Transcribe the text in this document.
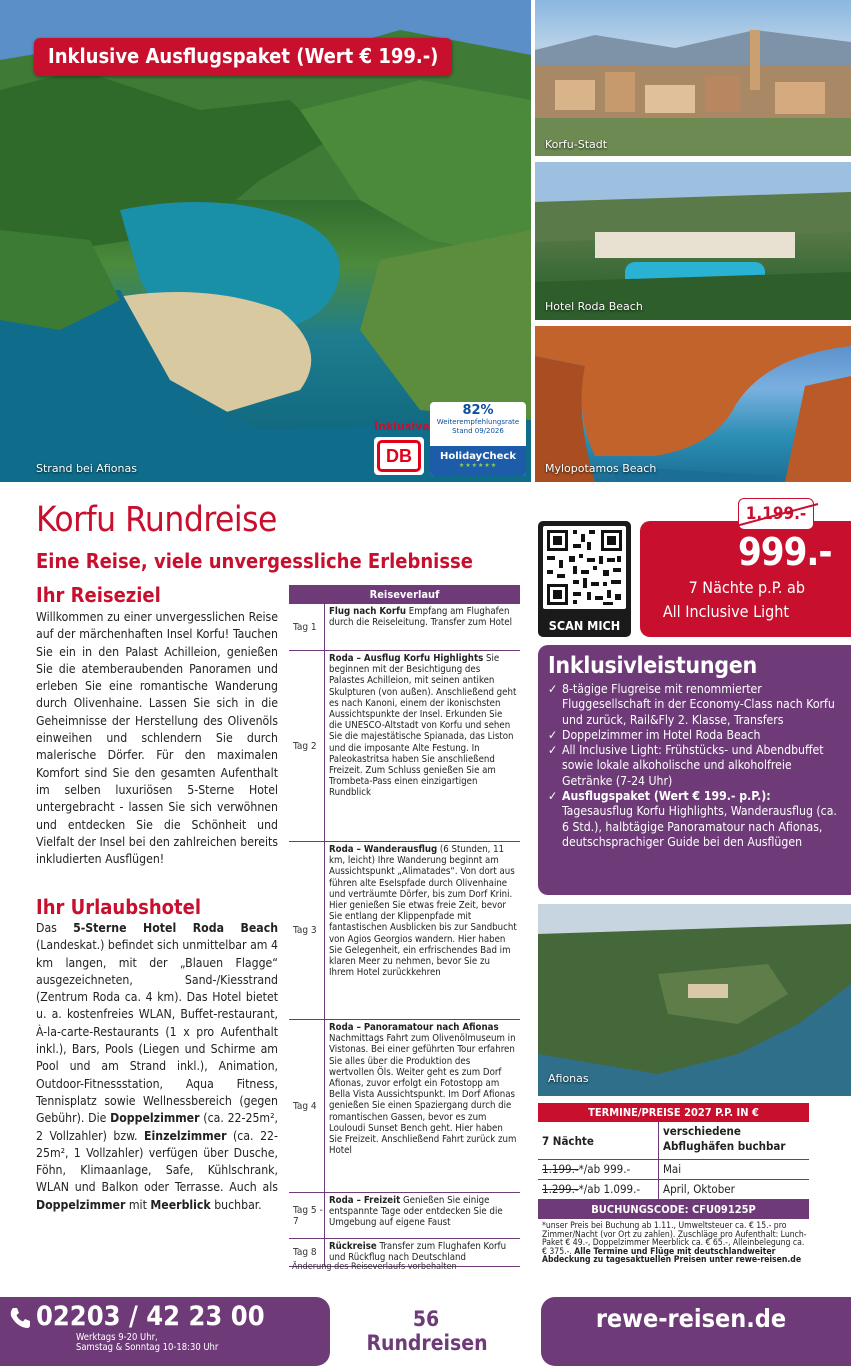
Inklusive Ausflugspaket (Wert € 199.-)
Strand bei Afionas
Inklusive
DB
82%
Weiterempfehlungsrate
Stand 09/2026
HolidayCheck
★★★★★★
Korfu-Stadt
Hotel Roda Beach
Mylopotamos Beach
Korfu Rundreise
Eine Reise, viele unvergessliche Erlebnisse
Ihr Reiseziel
Willkommen zu einer unvergesslichen Reise auf der märchenhaften Insel Korfu! Tauchen Sie ein in den Palast Achilleion, genießen Sie die atemberaubenden Panoramen und erleben Sie eine romantische Wanderung durch Olivenhaine. Lassen Sie sich in die Geheimnisse der Herstellung des Olivenöls einweihen und schlendern Sie durch malerische Dörfer. Für den maximalen Komfort sind Sie den gesamten Aufenthalt im selben luxuriösen 5-Sterne Hotel untergebracht - lassen Sie sich verwöhnen und entdecken Sie die Schönheit und Vielfalt der Insel bei den zahlreichen bereits inkludierten Ausflügen!
Ihr Urlaubshotel
Das 5-Sterne Hotel Roda Beach (Landeskat.) befindet sich unmittelbar am 4 km langen, mit der „Blauen Flagge“ ausgezeichneten, Sand-/Kiesstrand (Zentrum Roda ca. 4 km). Das Hotel bietet u. a. kostenfreies WLAN, Buffet-restaurant, À-la-carte-Restaurants (1 x pro Aufenthalt inkl.), Bars, Pools (Liegen und Schirme am Pool und am Strand inkl.), Animation, Outdoor-Fitnessstation, Aqua Fitness, Tennisplatz sowie Wellnessbereich (gegen Gebühr). Die Doppelzimmer (ca. 22-25m², 2 Vollzahler) bzw. Einzelzimmer (ca. 22-25m², 1 Vollzahler) verfügen über Dusche, Föhn, Klimaanlage, Safe, Kühlschrank, WLAN und Balkon oder Terrasse. Auch als Doppelzimmer mit Meerblick buchbar.
Reiseverlauf
Tag 1
Flug nach Korfu Empfang am Flughafen durch die Reiseleitung. Transfer zum Hotel
Tag 2
Roda – Ausflug Korfu Highlights Sie beginnen mit der Besichtigung des Palastes Achilleion, mit seinen antiken Skulpturen (von außen). Anschließend geht es nach Kanoni, einem der ikonischsten Aussichtspunkte der Insel. Erkunden Sie die UNESCO-Altstadt von Korfu und sehen Sie die majestätische Spianada, das Liston und die imposante Alte Festung. In Paleokastritsa haben Sie anschließend Freizeit. Zum Schluss genießen Sie am Trombeta-Pass einen einzigartigen Rundblick
Tag 3
Roda – Wanderausflug (6 Stunden, 11 km, leicht) Ihre Wanderung beginnt am Aussichtspunkt „Alimatades“. Von dort aus führen alte Eselspfade durch Olivenhaine und verträumte Dörfer, bis zum Dorf Krini. Hier genießen Sie etwas freie Zeit, bevor Sie entlang der Klippenpfade mit fantastischen Ausblicken bis zur Sandbucht von Agios Georgios wandern. Hier haben Sie Gelegenheit, ein erfrischendes Bad im klaren Meer zu nehmen, bevor Sie zu Ihrem Hotel zurückkehren
Tag 4
Roda – Panoramatour nach Afionas Nachmittags Fahrt zum Olivenölmuseum in Vistonas. Bei einer geführten Tour erfahren Sie alles über die Produktion des wertvollen Öls. Weiter geht es zum Dorf Afionas, zuvor erfolgt ein Fotostopp am Bella Vista Aussichtspunkt. Im Dorf Afionas genießen Sie einen Spaziergang durch die romantischen Gassen, bevor es zum Louloudi Sunset Bench geht. Hier haben Sie Freizeit. Anschließend Fahrt zurück zum Hotel
Tag 5 - 7
Roda – Freizeit Genießen Sie einige entspannte Tage oder entdecken Sie die Umgebung auf eigene Faust
Tag 8
Rückreise Transfer zum Flughafen Korfu und Rückflug nach Deutschland
Änderung des Reiseverlaufs vorbehalten
SCAN MICH
1.199.-
999.-
7 Nächte p.P. ab
All Inclusive Light
Inklusivleistungen
✓ 8-tägige Flugreise mit renommierter Fluggesellschaft in der Economy-Class nach Korfu und zurück, Rail&Fly 2. Klasse, Transfers
✓ Doppelzimmer im Hotel Roda Beach
✓ All Inclusive Light: Frühstücks- und Abendbuffet sowie lokale alkoholische und alkoholfreie Getränke (7-24 Uhr)
✓ Ausflugspaket (Wert € 199.- p.P.): Tagesausflug Korfu Highlights, Wanderausflug (ca. 6 Std.), halbtägige Panoramatour nach Afionas, deutschsprachiger Guide bei den Ausflügen
Afionas
TERMINE/PREISE 2027 P.P. IN €
7 Nächte
verschiedene Abflughäfen buchbar
1.199.-*/ab 999.-	Mai
1.299.-*/ab 1.099.-	April, Oktober
BUCHUNGSCODE: CFU09125P
*unser Preis bei Buchung ab 1.11., Umweltsteuer ca. € 15.- pro Zimmer/Nacht (vor Ort zu zahlen). Zuschläge pro Aufenthalt: Lunch-Paket € 49.-, Doppelzimmer Meerblick ca. € 65.-, Alleinbelegung ca. € 375.-. Alle Termine und Flüge mit deutschlandweiter Abdeckung zu tagesaktuellen Preisen unter rewe-reisen.de
02203 / 42 23 00
Werktags 9-20 Uhr,
Samstag & Sonntag 10-18:30 Uhr
56
Rundreisen
rewe-reisen.de
